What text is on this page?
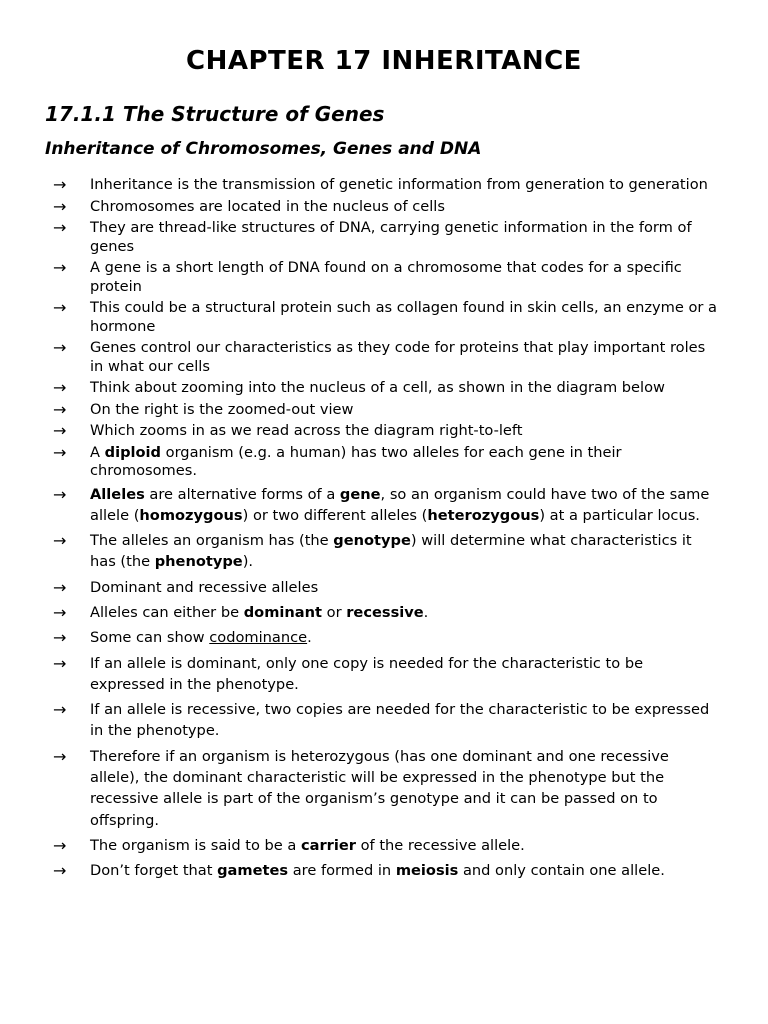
CHAPTER 17 INHERITANCE
17.1.1 The Structure of Genes
Inheritance of Chromosomes, Genes and DNA
→ Inheritance is the transmission of genetic information from generation to generation
→ Chromosomes are located in the nucleus of cells
→ They are thread-like structures of DNA, carrying genetic information in the form of genes
→ A gene is a short length of DNA found on a chromosome that codes for a specific protein
→ This could be a structural protein such as collagen found in skin cells, an enzyme or a hormone
→ Genes control our characteristics as they code for proteins that play important roles in what our cells
→ Think about zooming into the nucleus of a cell, as shown in the diagram below
→ On the right is the zoomed-out view
→ Which zooms in as we read across the diagram right-to-left
→ A diploid organism (e.g. a human) has two alleles for each gene in their chromosomes.
→ Alleles are alternative forms of a gene, so an organism could have two of the same allele (homozygous) or two different alleles (heterozygous) at a particular locus.
→ The alleles an organism has (the genotype) will determine what characteristics it has (the phenotype).
→ Dominant and recessive alleles
→ Alleles can either be dominant or recessive.
→ Some can show codominance.
→ If an allele is dominant, only one copy is needed for the characteristic to be expressed in the phenotype.
→ If an allele is recessive, two copies are needed for the characteristic to be expressed in the phenotype.
→ Therefore if an organism is heterozygous (has one dominant and one recessive allele), the dominant characteristic will be expressed in the phenotype but the recessive allele is part of the organism’s genotype and it can be passed on to offspring.
→ The organism is said to be a carrier of the recessive allele.
→ Don’t forget that gametes are formed in meiosis and only contain one allele.
